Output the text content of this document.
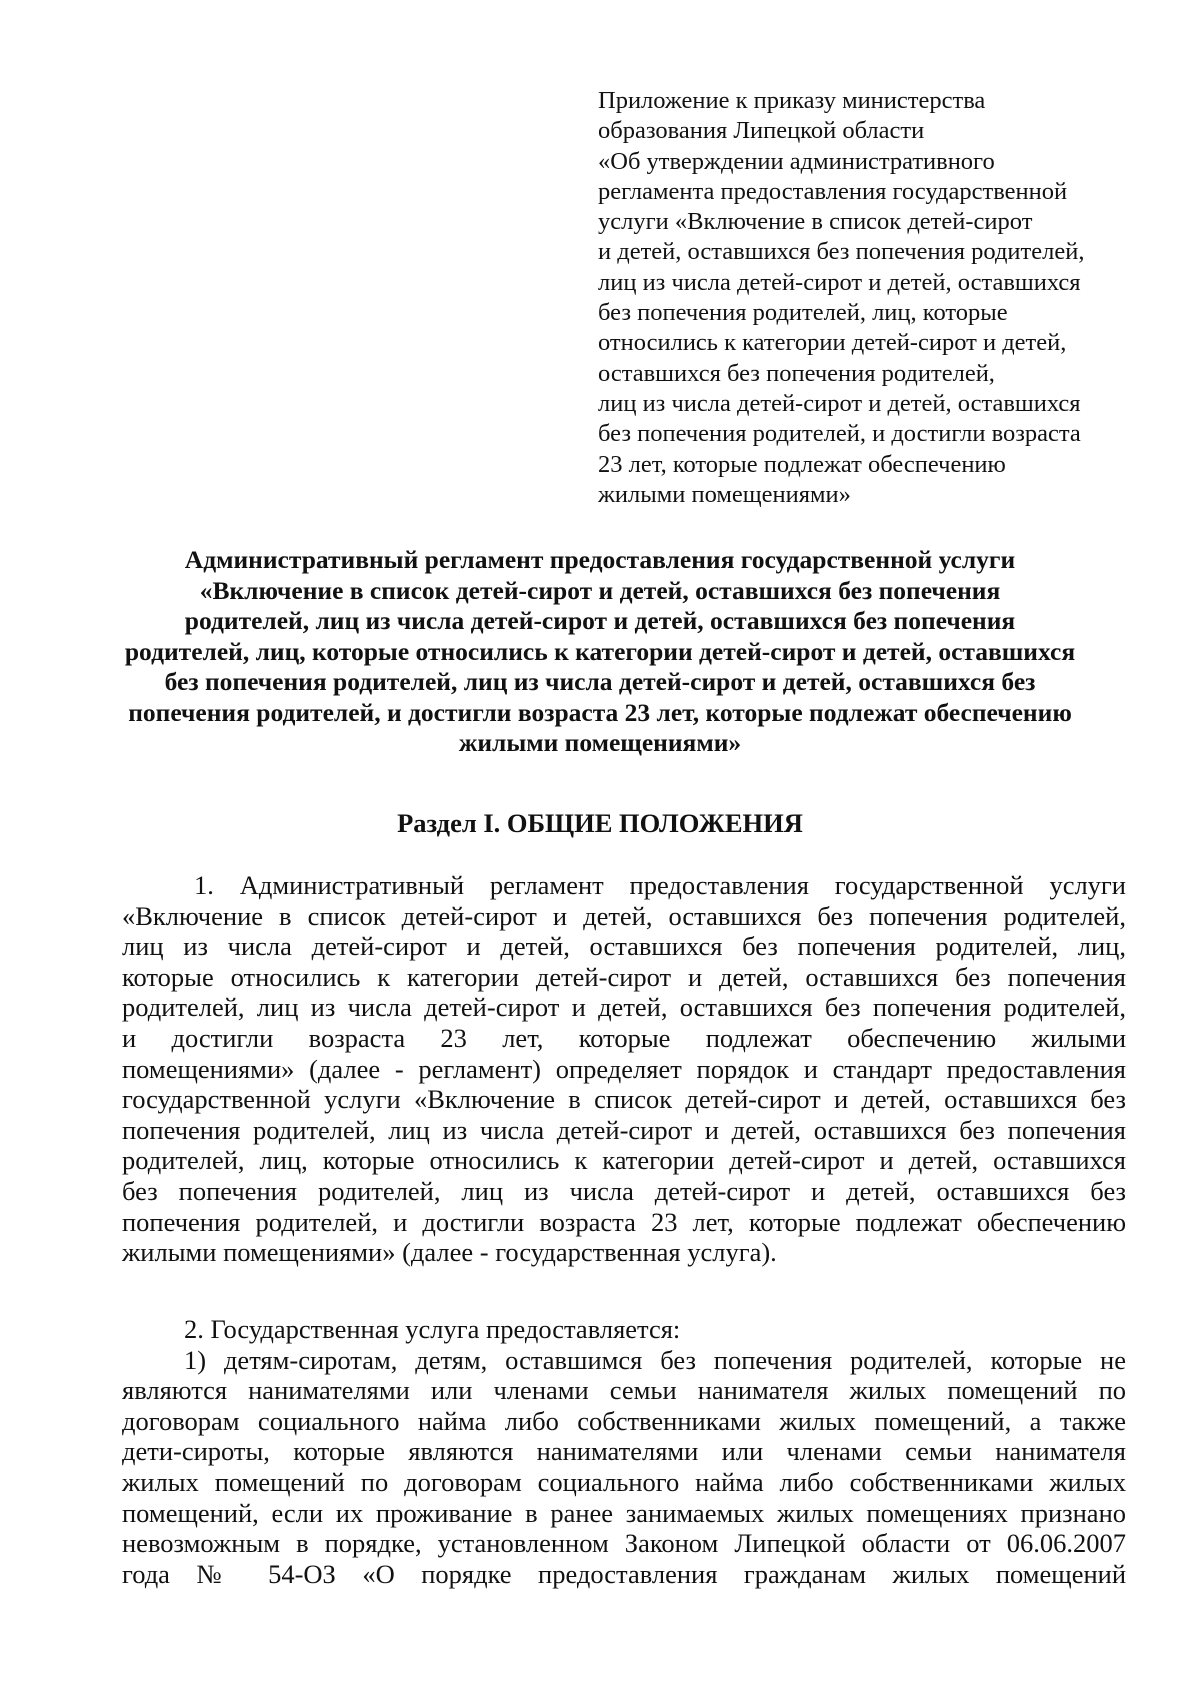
Приложение к приказу министерства
образования Липецкой области
«Об утверждении административного
регламента предоставления государственной
услуги «Включение в список детей-сирот
и детей, оставшихся без попечения родителей,
лиц из числа детей-сирот и детей, оставшихся
без попечения родителей, лиц, которые
относились к категории детей-сирот и детей,
оставшихся без попечения родителей,
лиц из числа детей-сирот и детей, оставшихся
без попечения родителей, и достигли возраста
23 лет, которые подлежат обеспечению
жилыми помещениями»
Административный регламент предоставления государственной услуги
«Включение в список детей-сирот и детей, оставшихся без попечения
родителей, лиц из числа детей-сирот и детей, оставшихся без попечения
родителей, лиц, которые относились к категории детей-сирот и детей, оставшихся
без попечения родителей, лиц из числа детей-сирот и детей, оставшихся без
попечения родителей, и достигли возраста 23 лет, которые подлежат обеспечению
жилыми помещениями»
Раздел I. ОБЩИЕ ПОЛОЖЕНИЯ
1. Административный регламент предоставления государственной услуги
«Включение в список детей-сирот и детей, оставшихся без попечения родителей,
лиц из числа детей-сирот и детей, оставшихся без попечения родителей, лиц,
которые относились к категории детей-сирот и детей, оставшихся без попечения
родителей, лиц из числа детей-сирот и детей, оставшихся без попечения родителей,
и достигли возраста 23 лет, которые подлежат обеспечению жилыми
помещениями» (далее - регламент) определяет порядок и стандарт предоставления
государственной услуги «Включение в список детей-сирот и детей, оставшихся без
попечения родителей, лиц из числа детей-сирот и детей, оставшихся без попечения
родителей, лиц, которые относились к категории детей-сирот и детей, оставшихся
без попечения родителей, лиц из числа детей-сирот и детей, оставшихся без
попечения родителей, и достигли возраста 23 лет, которые подлежат обеспечению
жилыми помещениями» (далее - государственная услуга).
2. Государственная услуга предоставляется:
1) детям-сиротам, детям, оставшимся без попечения родителей, которые не
являются нанимателями или членами семьи нанимателя жилых помещений по
договорам социального найма либо собственниками жилых помещений, а также
дети-сироты, которые являются нанимателями или членами семьи нанимателя
жилых помещений по договорам социального найма либо собственниками жилых
помещений, если их проживание в ранее занимаемых жилых помещениях признано
невозможным в порядке, установленном Законом Липецкой области от 06.06.2007
года № 54-ОЗ «О порядке предоставления гражданам жилых помещений
